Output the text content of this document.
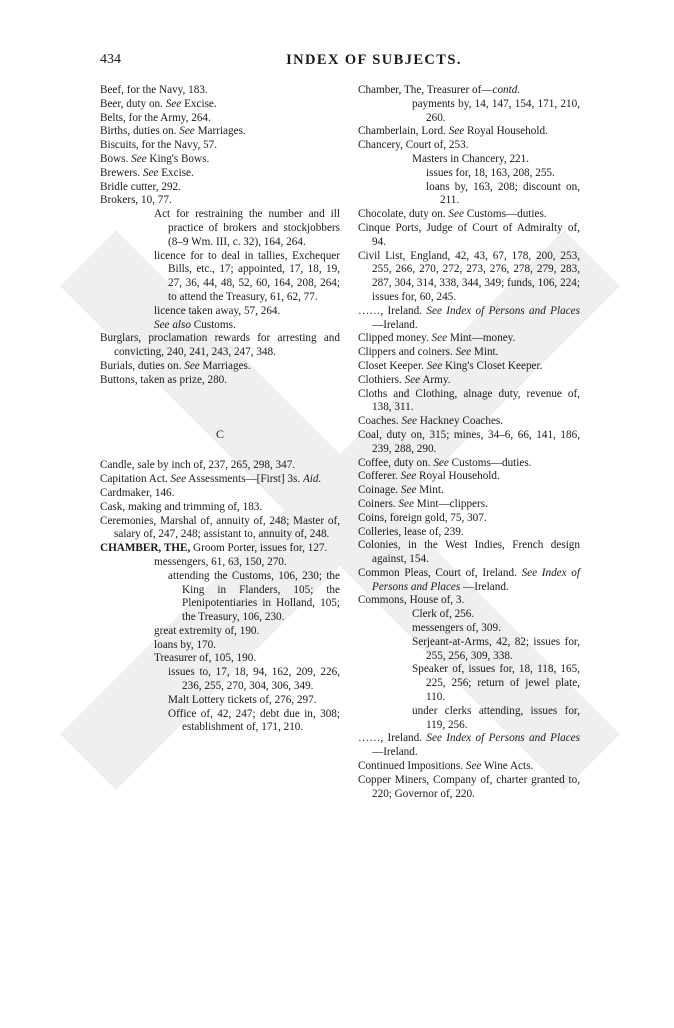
434	INDEX OF SUBJECTS.
Beef, for the Navy, 183.
Beer, duty on. See Excise.
Belts, for the Army, 264.
Births, duties on. See Marriages.
Biscuits, for the Navy, 57.
Bows. See King's Bows.
Brewers. See Excise.
Bridle cutter, 292.
Brokers, 10, 77.
Act for restraining the number and ill practice of brokers and stockjobbers (8–9 Wm. III, c. 32), 164, 264.
licence for to deal in tallies, Exchequer Bills, etc., 17; appointed, 17, 18, 19, 27, 36, 44, 48, 52, 60, 164, 208, 264; to attend the Treasury, 61, 62, 77.
licence taken away, 57, 264.
See also Customs.
Burglars, proclamation rewards for arresting and convicting, 240, 241, 243, 247, 348.
Burials, duties on. See Marriages.
Buttons, taken as prize, 280.
C
Candle, sale by inch of, 237, 265, 298, 347.
Capitation Act. See Assessments—[First] 3s. Aid.
Cardmaker, 146.
Cask, making and trimming of, 183.
Ceremonies, Marshal of, annuity of, 248; Master of, salary of, 247, 248; assistant to, annuity of, 248.
CHAMBER, THE, Groom Porter, issues for, 127.
messengers, 61, 63, 150, 270.
attending the Customs, 106, 230; the King in Flanders, 105; the Plenipotentiaries in Holland, 105; the Treasury, 106, 230.
great extremity of, 190.
loans by, 170.
Treasurer of, 105, 190.
issues to, 17, 18, 94, 162, 209, 226, 236, 255, 270, 304, 306, 349.
Malt Lottery tickets of, 276, 297.
Office of, 42, 247; debt due in, 308; establishment of, 171, 210.
Chamber, The, Treasurer of—contd.
payments by, 14, 147, 154, 171, 210, 260.
Chamberlain, Lord. See Royal Household.
Chancery, Court of, 253.
Masters in Chancery, 221.
issues for, 18, 163, 208, 255.
loans by, 163, 208; discount on, 211.
Chocolate, duty on. See Customs—duties.
Cinque Ports, Judge of Court of Admiralty of, 94.
Civil List, England, 42, 43, 67, 178, 200, 253, 255, 266, 270, 272, 273, 276, 278, 279, 283, 287, 304, 314, 338, 344, 349; funds, 106, 224; issues for, 60, 245.
……, Ireland. See Index of Persons and Places —Ireland.
Clipped money. See Mint—money.
Clippers and coiners. See Mint.
Closet Keeper. See King's Closet Keeper.
Clothiers. See Army.
Cloths and Clothing, alnage duty, revenue of, 138, 311.
Coaches. See Hackney Coaches.
Coal, duty on, 315; mines, 34–6, 66, 141, 186, 239, 288, 290.
Coffee, duty on. See Customs—duties.
Cofferer. See Royal Household.
Coinage. See Mint.
Coiners. See Mint—clippers.
Coins, foreign gold, 75, 307.
Colleries, lease of, 239.
Colonies, in the West Indies, French design against, 154.
Common Pleas, Court of, Ireland. See Index of Persons and Places —Ireland.
Commons, House of, 3.
Clerk of, 256.
messengers of, 309.
Serjeant-at-Arms, 42, 82; issues for, 255, 256, 309, 338.
Speaker of, issues for, 18, 118, 165, 225, 256; return of jewel plate, 110.
under clerks attending, issues for, 119, 256.
……, Ireland. See Index of Persons and Places —Ireland.
Continued Impositions. See Wine Acts.
Copper Miners, Company of, charter granted to, 220; Governor of, 220.
